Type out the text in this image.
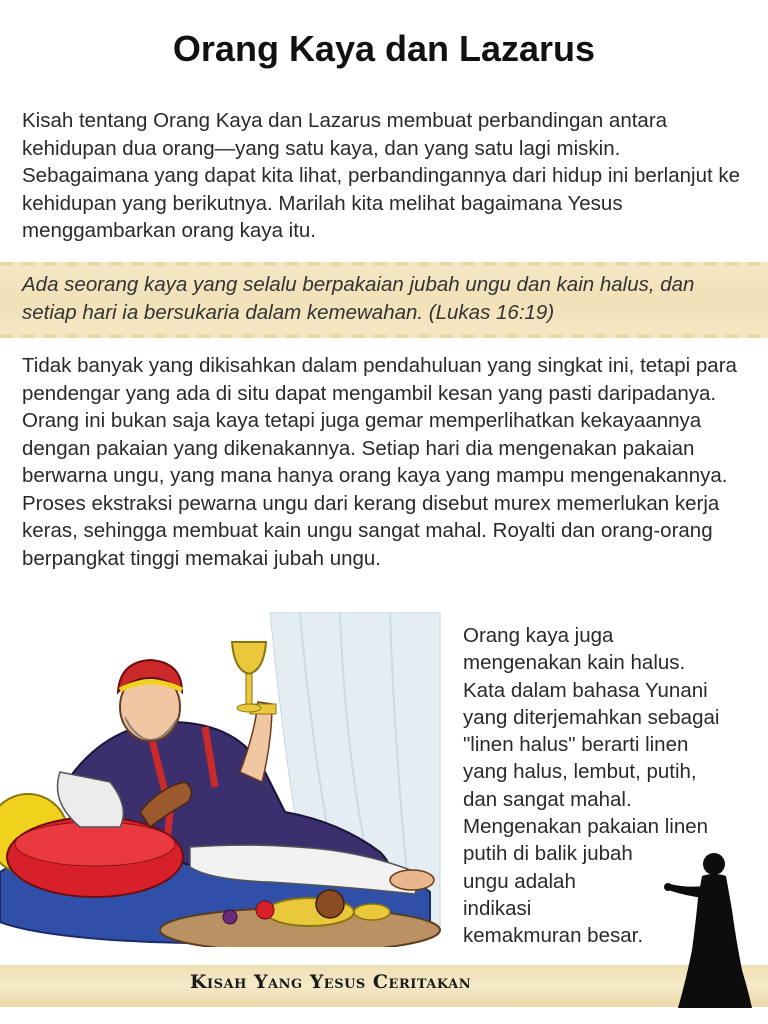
Orang Kaya dan Lazarus
Kisah tentang Orang Kaya dan Lazarus membuat perbandingan antara kehidupan dua orang—yang satu kaya, dan yang satu lagi miskin. Sebagaimana yang dapat kita lihat, perbandingannya dari hidup ini berlanjut ke kehidupan yang berikutnya. Marilah kita melihat bagaimana Yesus menggambarkan orang kaya itu.
Ada seorang kaya yang selalu berpakaian jubah ungu dan kain halus, dan setiap hari ia bersukaria dalam kemewahan. (Lukas 16:19)
Tidak banyak yang dikisahkan dalam pendahuluan yang singkat ini, tetapi para pendengar yang ada di situ dapat mengambil kesan yang pasti daripadanya. Orang ini bukan saja kaya tetapi juga gemar memperlihatkan kekayaannya dengan pakaian yang dikenakannya. Setiap hari dia mengenakan pakaian berwarna ungu, yang mana hanya orang kaya yang mampu mengenakannya. Proses ekstraksi pewarna ungu dari kerang disebut murex memerlukan kerja keras, sehingga membuat kain ungu sangat mahal. Royalti dan orang-orang berpangkat tinggi memakai jubah ungu.
Orang kaya juga
mengenakan kain halus.
Kata dalam bahasa Yunani
yang diterjemahkan sebagai
"linen halus" berarti linen
yang halus, lembut, putih,
dan sangat mahal.
Mengenakan pakaian linen
putih di balik jubah
ungu adalah
indikasi
kemakmuran besar.
Kisah Yang Yesus Ceritakan
